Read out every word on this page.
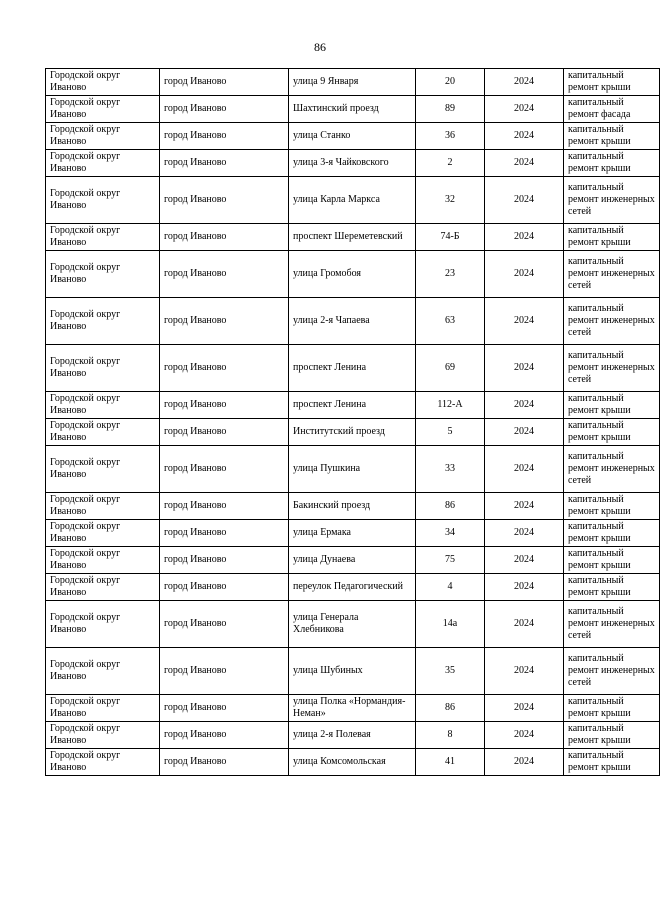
86
Городской округ Иваново	город Иваново	улица 9 Января	20	2024	капитальный ремонт крыши
Городской округ Иваново	город Иваново	Шахтинский проезд	89	2024	капитальный ремонт фасада
Городской округ Иваново	город Иваново	улица Станко	36	2024	капитальный ремонт крыши
Городской округ Иваново	город Иваново	улица 3-я Чайковского	2	2024	капитальный ремонт крыши
Городской округ Иваново	город Иваново	улица Карла Маркса	32	2024	капитальный ремонт инженерных сетей
Городской округ Иваново	город Иваново	проспект Шереметевский	74-Б	2024	капитальный ремонт крыши
Городской округ Иваново	город Иваново	улица Громобоя	23	2024	капитальный ремонт инженерных сетей
Городской округ Иваново	город Иваново	улица 2-я Чапаева	63	2024	капитальный ремонт инженерных сетей
Городской округ Иваново	город Иваново	проспект Ленина	69	2024	капитальный ремонт инженерных сетей
Городской округ Иваново	город Иваново	проспект Ленина	112-А	2024	капитальный ремонт крыши
Городской округ Иваново	город Иваново	Институтский проезд	5	2024	капитальный ремонт крыши
Городской округ Иваново	город Иваново	улица Пушкина	33	2024	капитальный ремонт инженерных сетей
Городской округ Иваново	город Иваново	Бакинский проезд	86	2024	капитальный ремонт крыши
Городской округ Иваново	город Иваново	улица Ермака	34	2024	капитальный ремонт крыши
Городской округ Иваново	город Иваново	улица Дунаева	75	2024	капитальный ремонт крыши
Городской округ Иваново	город Иваново	переулок Педагогический	4	2024	капитальный ремонт крыши
Городской округ Иваново	город Иваново	улица Генерала Хлебникова	14а	2024	капитальный ремонт инженерных сетей
Городской округ Иваново	город Иваново	улица Шубиных	35	2024	капитальный ремонт инженерных сетей
Городской округ Иваново	город Иваново	улица Полка «Нормандия-Неман»	86	2024	капитальный ремонт крыши
Городской округ Иваново	город Иваново	улица 2-я Полевая	8	2024	капитальный ремонт крыши
Городской округ Иваново	город Иваново	улица Комсомольская	41	2024	капитальный ремонт крыши
